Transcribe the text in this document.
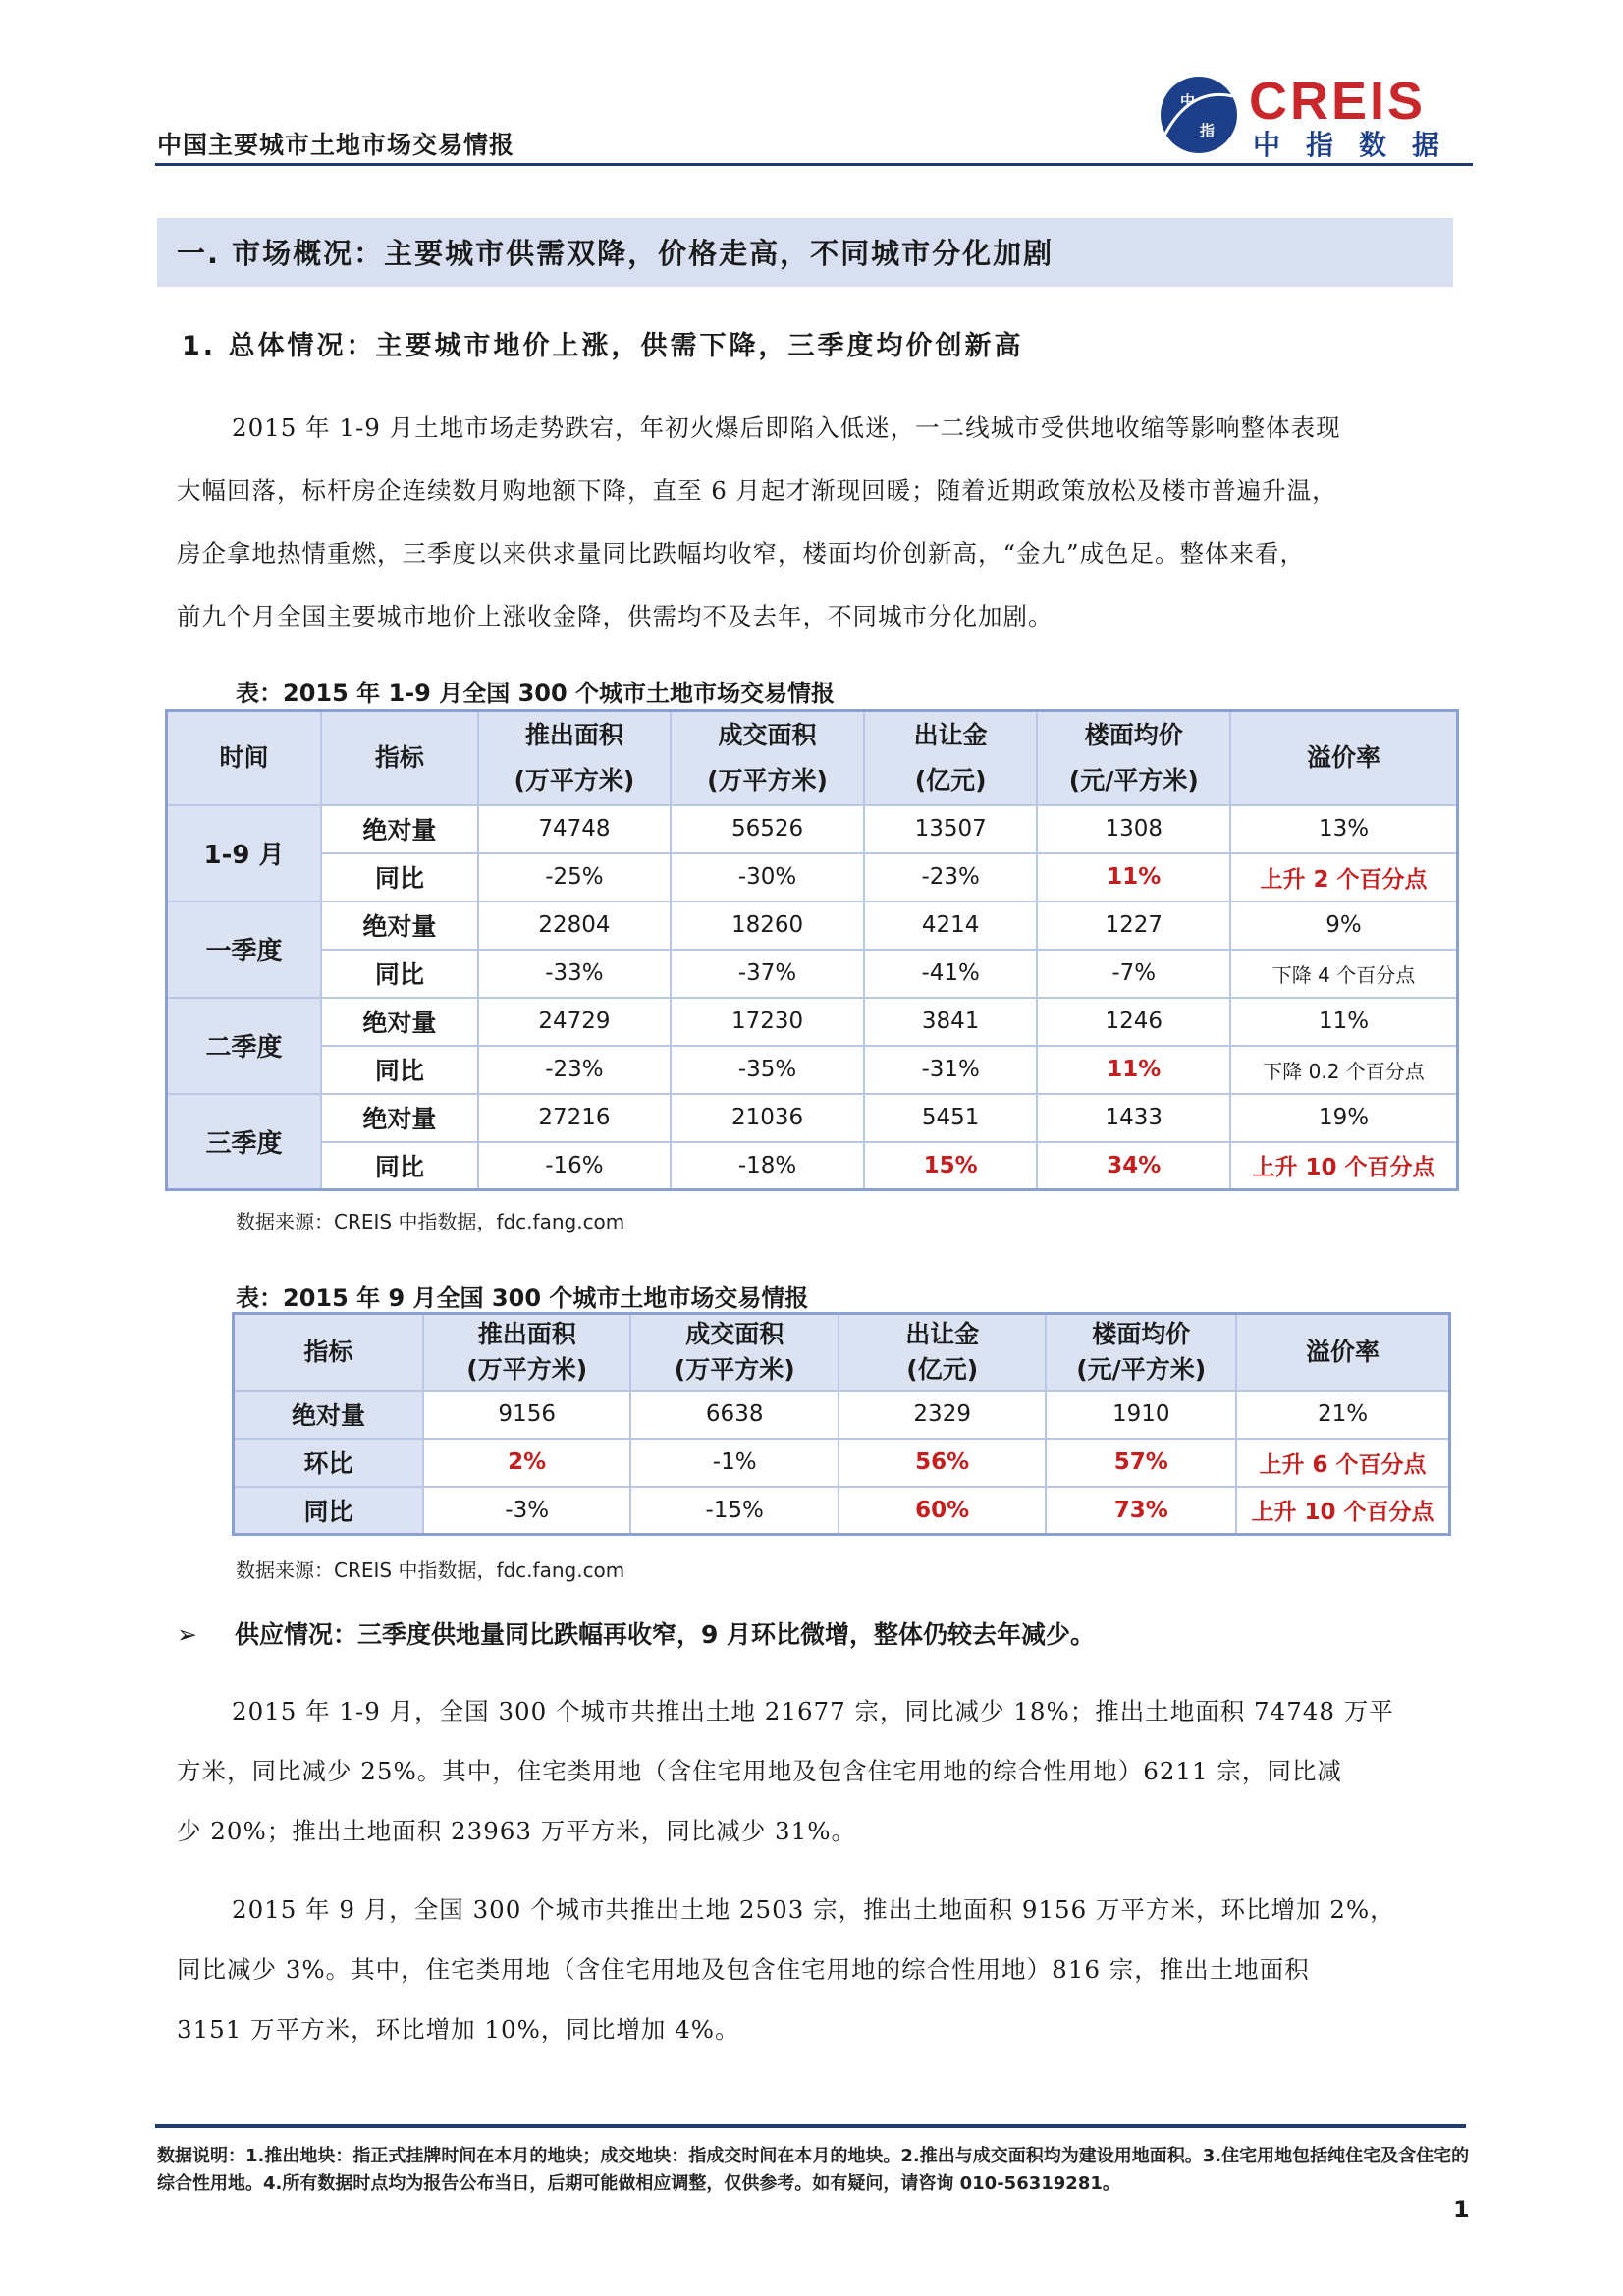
中国主要城市土地市场交易情报
中
指 CREIS
中指数据
一. 市场概况：主要城市供需双降，价格走高，不同城市分化加剧
1. 总体情况：主要城市地价上涨，供需下降，三季度均价创新高
2015 年 1-9 月土地市场走势跌宕，年初火爆后即陷入低迷，一二线城市受供地收缩等影响整体表现
大幅回落，标杆房企连续数月购地额下降，直至 6 月起才渐现回暖；随着近期政策放松及楼市普遍升温，
房企拿地热情重燃，三季度以来供求量同比跌幅均收窄，楼面均价创新高，“金九”成色足。整体来看，
前九个月全国主要城市地价上涨收金降，供需均不及去年，不同城市分化加剧。
表：2015 年 1-9 月全国 300 个城市土地市场交易情报
时间	指标	推出面积
(万平方米)	成交面积
(万平方米)	出让金
(亿元)	楼面均价
(元/平方米)	溢价率
1-9 月	绝对量	74748	56526	13507	1308	13%
	同比	-25%	-30%	-23%	11%	上升 2 个百分点
一季度	绝对量	22804	18260	4214	1227	9%
	同比	-33%	-37%	-41%	-7%	下降 4 个百分点
二季度	绝对量	24729	17230	3841	1246	11%
	同比	-23%	-35%	-31%	11%	下降 0.2 个百分点
三季度	绝对量	27216	21036	5451	1433	19%
	同比	-16%	-18%	15%	34%	上升 10 个百分点
数据来源：CREIS 中指数据，fdc.fang.com
表：2015 年 9 月全国 300 个城市土地市场交易情报
指标	推出面积
(万平方米)	成交面积
(万平方米)	出让金
(亿元)	楼面均价
(元/平方米)	溢价率
绝对量	9156	6638	2329	1910	21%
环比	2%	-1%	56%	57%	上升 6 个百分点
同比	-3%	-15%	60%	73%	上升 10 个百分点
数据来源：CREIS 中指数据，fdc.fang.com
➢ 供应情况：三季度供地量同比跌幅再收窄，9 月环比微增，整体仍较去年减少。
2015 年 1-9 月，全国 300 个城市共推出土地 21677 宗，同比减少 18%；推出土地面积 74748 万平
方米，同比减少 25%。其中，住宅类用地（含住宅用地及包含住宅用地的综合性用地）6211 宗，同比减
少 20%；推出土地面积 23963 万平方米，同比减少 31%。
2015 年 9 月，全国 300 个城市共推出土地 2503 宗，推出土地面积 9156 万平方米，环比增加 2%，
同比减少 3%。其中，住宅类用地（含住宅用地及包含住宅用地的综合性用地）816 宗，推出土地面积
3151 万平方米，环比增加 10%，同比增加 4%。
数据说明：1.推出地块：指正式挂牌时间在本月的地块；成交地块：指成交时间在本月的地块。2.推出与成交面积均为建设用地面积。3.住宅用地包括纯住宅及含住宅的综合性用地。4.所有数据时点均为报告公布当日，后期可能做相应调整，仅供参考。如有疑问，请咨询 010-56319281。
1
